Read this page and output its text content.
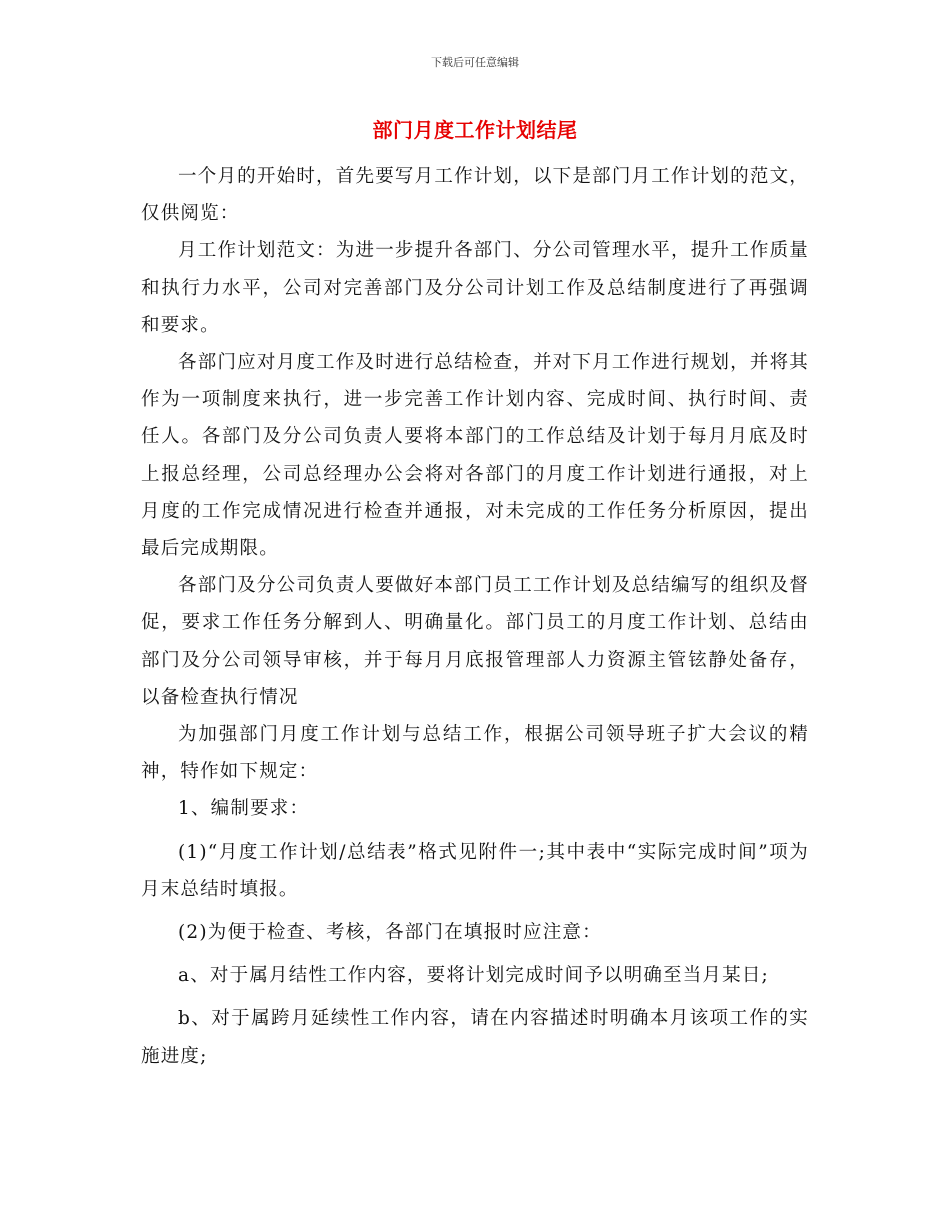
下载后可任意编辑
部门月度工作计划结尾

一个月的开始时，首先要写月工作计划，以下是部门月工作计划的范文，仅供阅览：

月工作计划范文：为进一步提升各部门、分公司管理水平，提升工作质量和执行力水平，公司对完善部门及分公司计划工作及总结制度进行了再强调和要求。

各部门应对月度工作及时进行总结检查，并对下月工作进行规划，并将其作为一项制度来执行，进一步完善工作计划内容、完成时间、执行时间、责任人。各部门及分公司负责人要将本部门的工作总结及计划于每月月底及时上报总经理，公司总经理办公会将对各部门的月度工作计划进行通报，对上月度的工作完成情况进行检查并通报，对未完成的工作任务分析原因，提出最后完成期限。

各部门及分公司负责人要做好本部门员工工作计划及总结编写的组织及督促，要求工作任务分解到人、明确量化。部门员工的月度工作计划、总结由部门及分公司领导审核，并于每月月底报管理部人力资源主管铉静处备存，以备检查执行情况

为加强部门月度工作计划与总结工作，根据公司领导班子扩大会议的精神，特作如下规定：

1、编制要求：

(1)“月度工作计划/总结表”格式见附件一;其中表中“实际完成时间”项为月末总结时填报。

(2)为便于检查、考核，各部门在填报时应注意：

a、对于属月结性工作内容，要将计划完成时间予以明确至当月某日;

b、对于属跨月延续性工作内容，请在内容描述时明确本月该项工作的实施进度;
